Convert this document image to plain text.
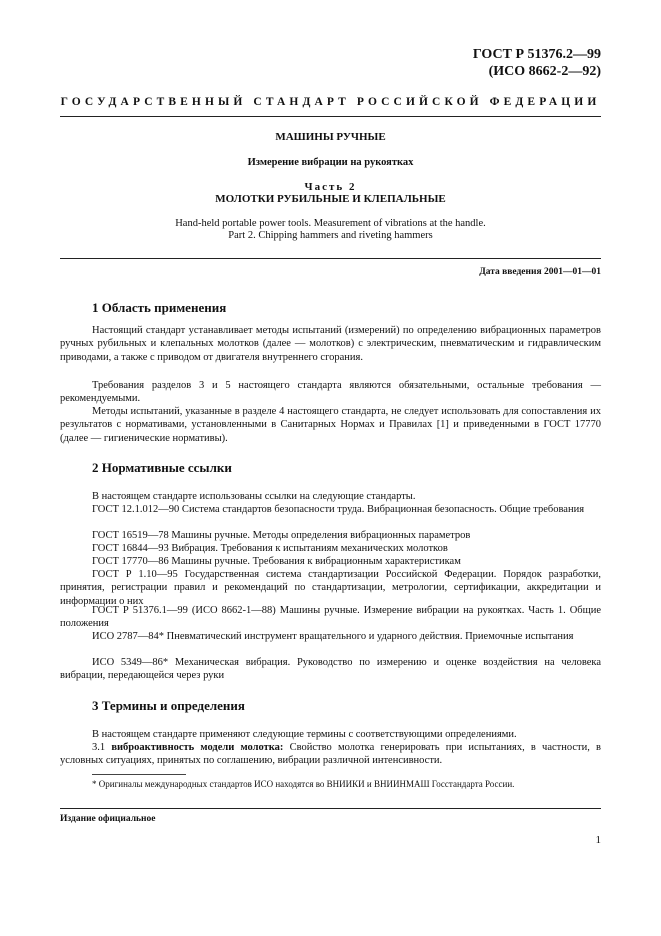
ГОСТ Р 51376.2—99
(ИСО 8662-2—92)
ГОСУДАРСТВЕННЫЙ СТАНДАРТ РОССИЙСКОЙ ФЕДЕРАЦИИ
МАШИНЫ РУЧНЫЕ
Измерение вибрации на рукоятках
Часть 2
МОЛОТКИ РУБИЛЬНЫЕ И КЛЕПАЛЬНЫЕ
Hand-held portable power tools. Measurement of vibrations at the handle.
Part 2. Chipping hammers and riveting hammers
Дата введения 2001—01—01
1 Область применения
Настоящий стандарт устанавливает методы испытаний (измерений) по определению вибрационных параметров ручных рубильных и клепальных молотков (далее — молотков) с электрическим, пневматическим и гидравлическим приводами, а также с приводом от двигателя внутреннего сгорания.
Требования разделов 3 и 5 настоящего стандарта являются обязательными, остальные требования — рекомендуемыми.
Методы испытаний, указанные в разделе 4 настоящего стандарта, не следует использовать для сопоставления их результатов с нормативами, установленными в Санитарных Нормах и Правилах [1] и приведенными в ГОСТ 17770 (далее — гигиенические нормативы).
2 Нормативные ссылки
В настоящем стандарте использованы ссылки на следующие стандарты.
ГОСТ 12.1.012—90 Система стандартов безопасности труда. Вибрационная безопасность. Общие требования
ГОСТ 16519—78 Машины ручные. Методы определения вибрационных параметров
ГОСТ 16844—93 Вибрация. Требования к испытаниям механических молотков
ГОСТ 17770—86 Машины ручные. Требования к вибрационным характеристикам
ГОСТ Р 1.10—95 Государственная система стандартизации Российской Федерации. Порядок разработки, принятия, регистрации правил и рекомендаций по стандартизации, метрологии, сертификации, аккредитации и информации о них
ГОСТ Р 51376.1—99 (ИСО 8662-1—88) Машины ручные. Измерение вибрации на рукоятках. Часть 1. Общие положения
ИСО 2787—84* Пневматический инструмент вращательного и ударного действия. Приемочные испытания
ИСО 5349—86* Механическая вибрация. Руководство по измерению и оценке воздействия на человека вибрации, передающейся через руки
3 Термины и определения
В настоящем стандарте применяют следующие термины с соответствующими определениями.
3.1 виброактивность модели молотка: Свойство молотка генерировать при испытаниях, в частности, в условных ситуациях, принятых по соглашению, вибрации различной интенсивности.
* Оригиналы международных стандартов ИСО находятся во ВНИИКИ и ВНИИНМАШ Госстандарта России.
Издание официальное
1
